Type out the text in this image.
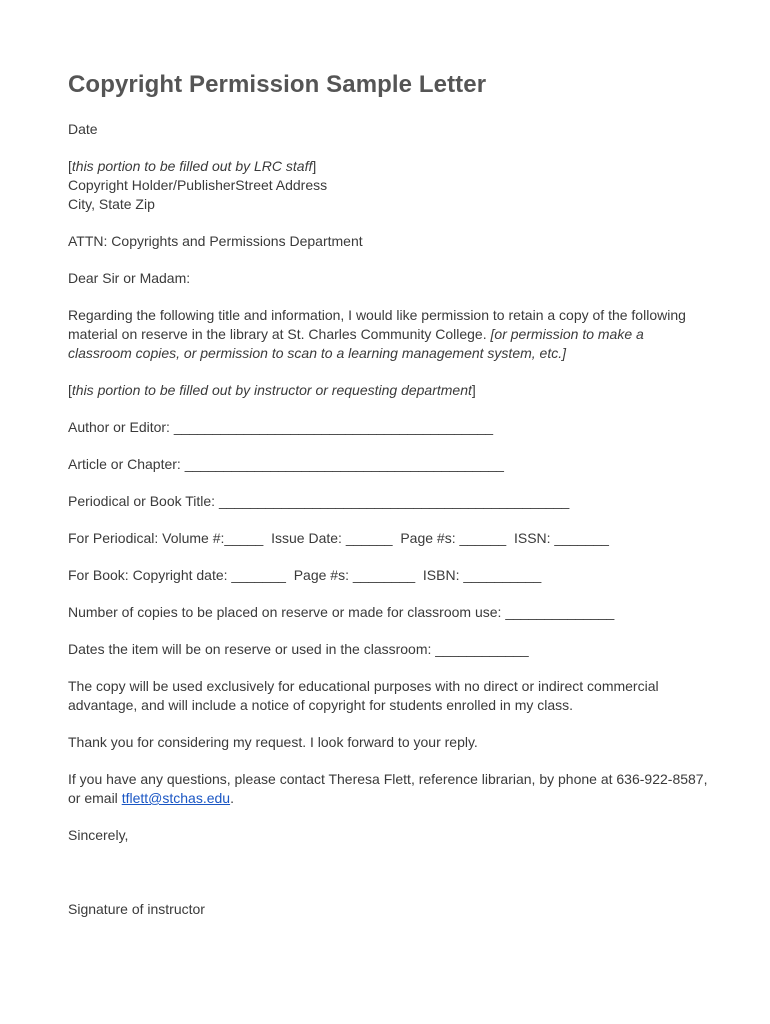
Copyright Permission Sample Letter

Date

[this portion to be filled out by LRC staff]
Copyright Holder/PublisherStreet Address
City, State Zip

ATTN: Copyrights and Permissions Department

Dear Sir or Madam:

Regarding the following title and information, I would like permission to retain a copy of the following material on reserve in the library at St. Charles Community College. [or permission to make a classroom copies, or permission to scan to a learning management system, etc.]

[this portion to be filled out by instructor or requesting department]

Author or Editor: _________________________________________

Article or Chapter: _________________________________________

Periodical or Book Title: _____________________________________________

For Periodical: Volume #:_____  Issue Date: ______  Page #s: ______  ISSN: _______

For Book: Copyright date: _______  Page #s: ________  ISBN: __________

Number of copies to be placed on reserve or made for classroom use: ______________

Dates the item will be on reserve or used in the classroom: ____________

The copy will be used exclusively for educational purposes with no direct or indirect commercial advantage, and will include a notice of copyright for students enrolled in my class.

Thank you for considering my request. I look forward to your reply.

If you have any questions, please contact Theresa Flett, reference librarian, by phone at 636-922-8587, or email tflett@stchas.edu.

Sincerely,

Signature of instructor
